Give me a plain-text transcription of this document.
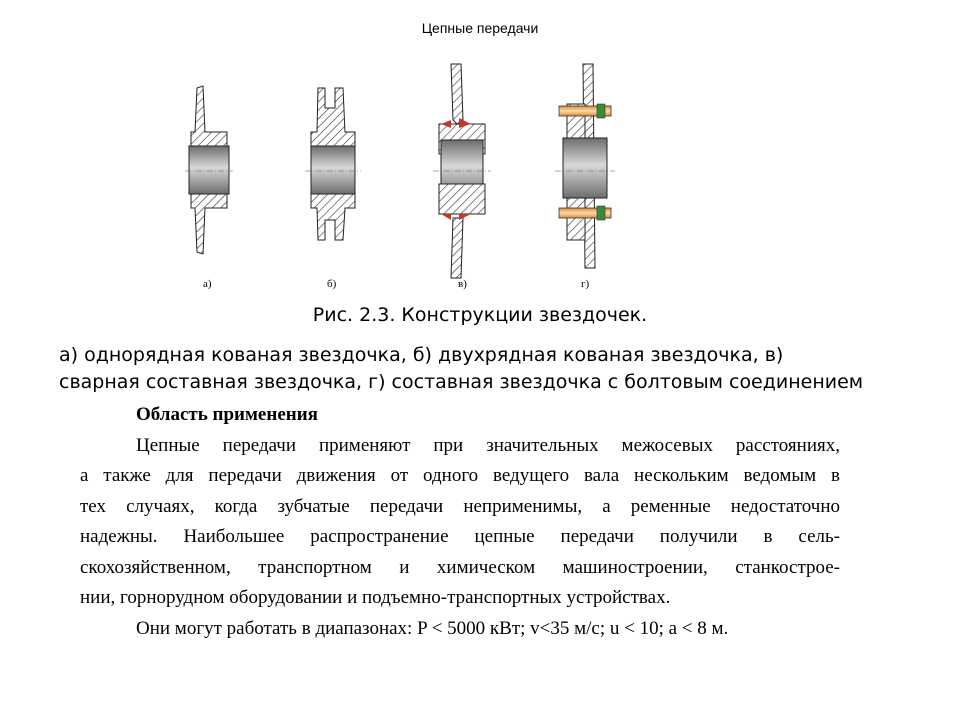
Цепные передачи
а)	б)	в)	г)
Рис. 2.3. Конструкции звездочек.
а) однорядная кованая звездочка, б) двухрядная кованая звездочка, в)
сварная составная звездочка, г) составная звездочка с болтовым соединением
Область применения
Цепные передачи применяют при значительных межосевых расстояниях,
а также для передачи движения от одного ведущего вала нескольким ведомым в
тех случаях, когда зубчатые передачи неприменимы, а ременные недостаточно
надежны. Наибольшее распространение цепные передачи получили в сель-
скохозяйственном, транспортном и химическом машиностроении, станкострое-
нии, горнорудном оборудовании и подъемно-транспортных устройствах.
Они могут работать в диапазонах: P < 5000 кВт; v<35 м/с; u < 10; a < 8 м.
